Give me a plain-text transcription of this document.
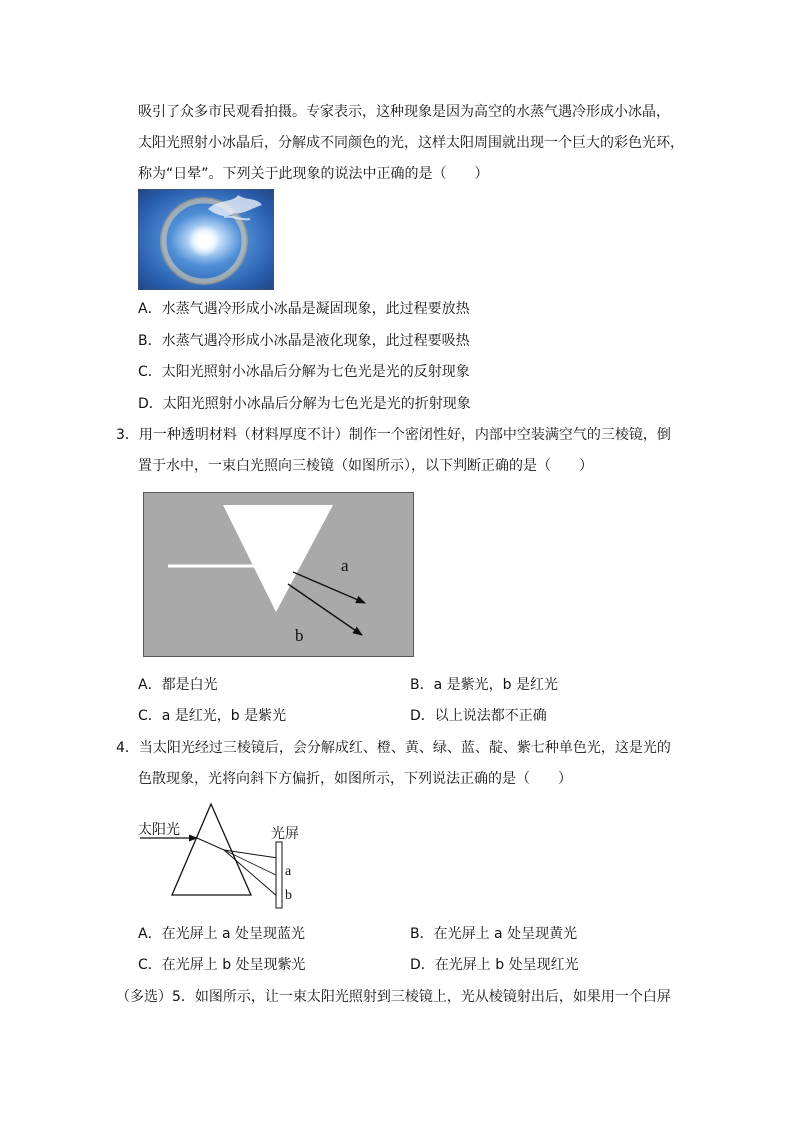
吸引了众多市民观看拍摄。专家表示，这种现象是因为高空的水蒸气遇冷形成小冰晶，
太阳光照射小冰晶后，分解成不同颜色的光，这样太阳周围就出现一个巨大的彩色光环，
称为“日晕”。下列关于此现象的说法中正确的是（　　）
A．水蒸气遇冷形成小冰晶是凝固现象，此过程要放热
B．水蒸气遇冷形成小冰晶是液化现象，此过程要吸热
C．太阳光照射小冰晶后分解为七色光是光的反射现象
D．太阳光照射小冰晶后分解为七色光是光的折射现象
3．用一种透明材料（材料厚度不计）制作一个密闭性好，内部中空装满空气的三棱镜，倒
置于水中，一束白光照向三棱镜（如图所示），以下判断正确的是（　　）
a
b
A．都是白光	B．a 是紫光，b 是红光
C．a 是红光，b 是紫光	D．以上说法都不正确
4．当太阳光经过三棱镜后，会分解成红、橙、黄、绿、蓝、靛、紫七种单色光，这是光的
色散现象，光将向斜下方偏折，如图所示，下列说法正确的是（　　）
太阳光	光屏
a
b
A．在光屏上 a 处呈现蓝光	B．在光屏上 a 处呈现黄光
C．在光屏上 b 处呈现紫光	D．在光屏上 b 处呈现红光
（多选）5．如图所示，让一束太阳光照射到三棱镜上，光从棱镜射出后，如果用一个白屏
